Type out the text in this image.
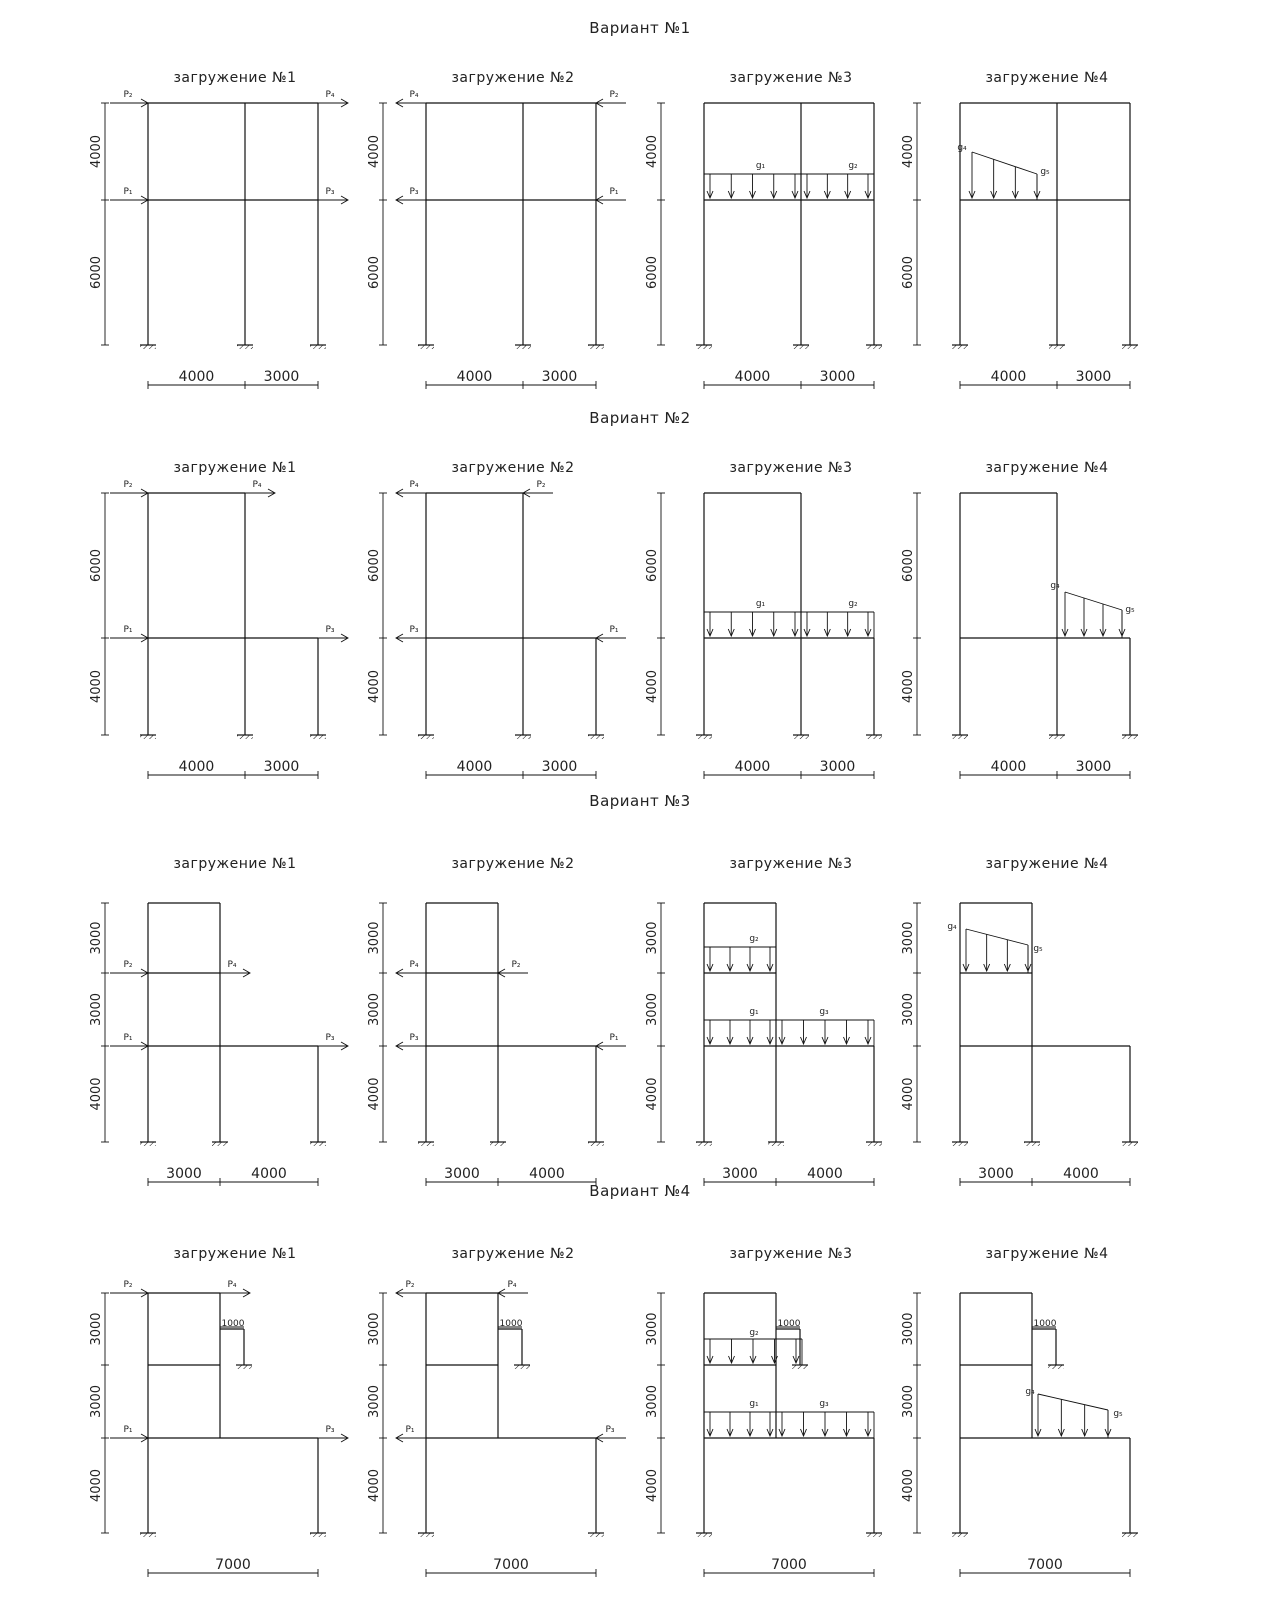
Вариант №1
загружение №1
4000
6000
4000	3000
P₂	P₄
P₁	P₃
загружение №2
4000
6000
4000	3000
P₄	P₂
P₃	P₁
загружение №3
4000
6000
4000	3000
g₁	g₂
загружение №4
4000
6000
4000	3000
g₄
g₅
Вариант №2
загружение №1
6000
4000
4000	3000
P₂	P₄
P₁	P₃
загружение №2
6000
4000
4000	3000
P₄	P₂
P₃	P₁
загружение №3
6000
4000
4000	3000
g₁	g₂
загружение №4
6000
4000
4000	3000
g₄
g₅
Вариант №3
загружение №1
3000
3000
4000
3000	4000
P₂	P₄
P₁	P₃
загружение №2
3000
3000
4000
3000	4000
P₄	P₂
P₃	P₁
загружение №3
3000
3000
4000
3000	4000
g₂
g₁	g₃
загружение №4
3000
3000
4000
3000	4000
g₄
g₅
Вариант №4
загружение №1
1000
3000
3000
4000
7000
P₂	P₄
P₁	P₃
загружение №2
1000
3000
3000
4000
7000
P₂	P₄
P₁	P₃
загружение №3
1000
3000
3000
4000
7000
g₂
g₁	g₃
загружение №4
1000
3000
3000
4000
7000
g₄
g₅
